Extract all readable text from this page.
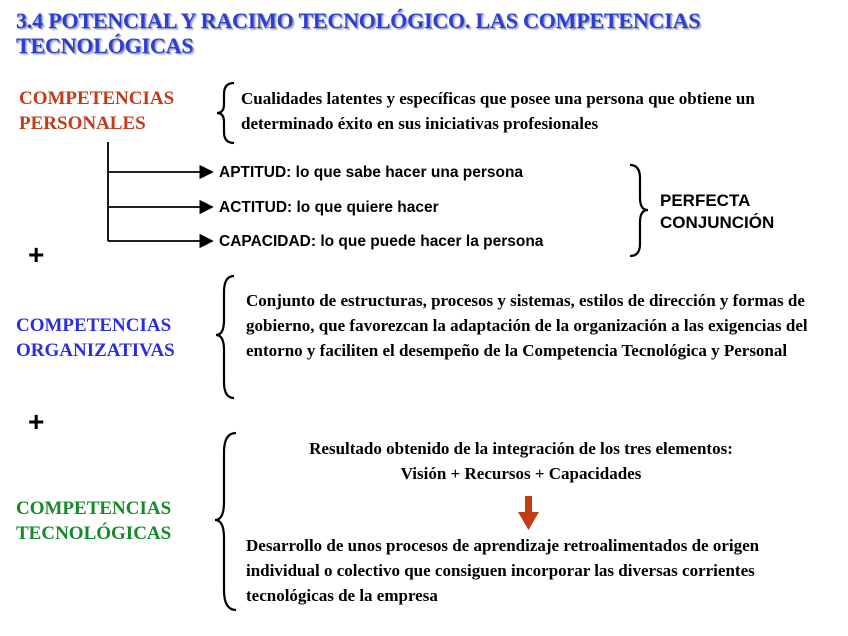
3.4 POTENCIAL Y RACIMO TECNOLÓGICO. LAS COMPETENCIAS
TECNOLÓGICAS
COMPETENCIAS
PERSONALES
Cualidades latentes y específicas que posee una persona que obtiene un determinado éxito en sus iniciativas profesionales
APTITUD: lo que sabe hacer una persona
ACTITUD: lo que quiere hacer
CAPACIDAD: lo que puede hacer la persona
PERFECTA
CONJUNCIÓN
+
COMPETENCIAS
ORGANIZATIVAS
Conjunto de estructuras, procesos y sistemas, estilos de dirección y formas de gobierno, que favorezcan la adaptación de la organización a las exigencias del entorno y faciliten el desempeño de la Competencia Tecnológica y Personal
+
COMPETENCIAS
TECNOLÓGICAS
Resultado obtenido de la integración de los tres elementos:
Visión + Recursos + Capacidades
Desarrollo de unos procesos de aprendizaje retroalimentados de origen individual o colectivo que consiguen incorporar las diversas corrientes tecnológicas de la empresa
